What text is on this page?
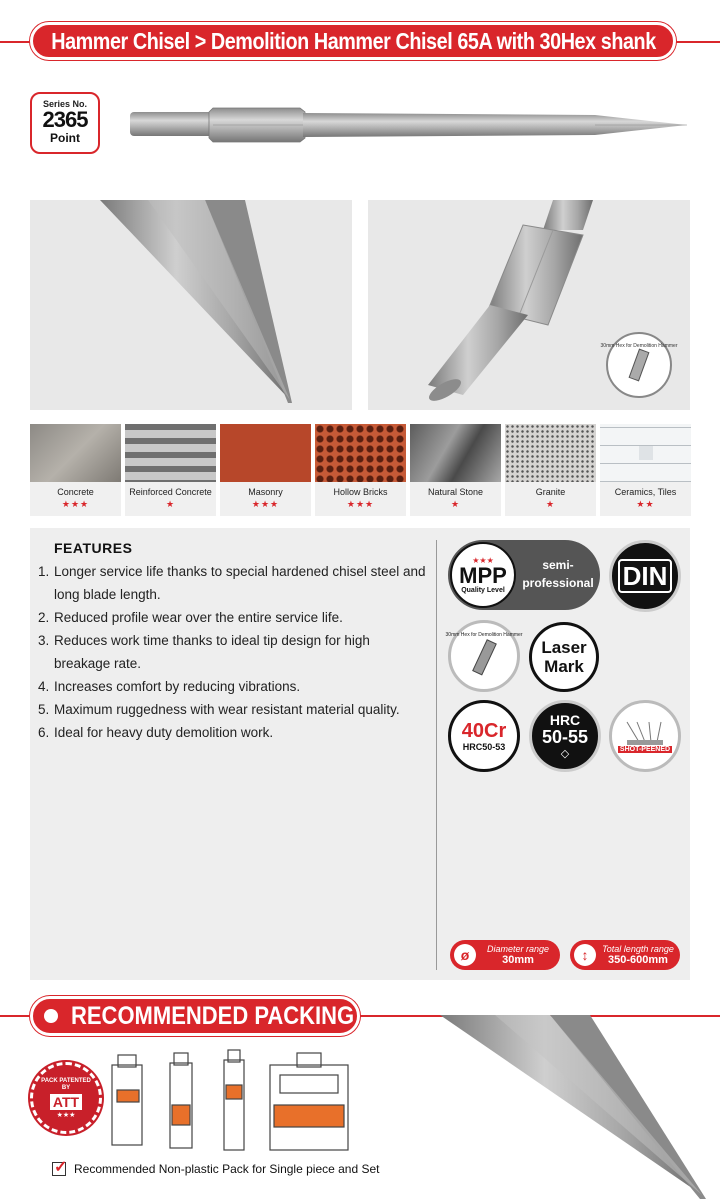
Hammer Chisel > Demolition Hammer Chisel 65A with 30Hex shank
Series No.
2365
Point
30mm Hex for Demolition Hammer
Concrete
★★★
Reinforced Concrete
★
Masonry
★★★
Hollow Bricks
★★★
Natural Stone
★
Granite
★
Ceramics, Tiles
★★
FEATURES
1. Longer service life thanks to special hardened chisel steel and long blade length.
2. Reduced profile wear over the entire service life.
3. Reduces work time thanks to ideal tip design for high breakage rate.
4. Increases comfort by reducing vibrations.
5. Maximum ruggedness with wear resistant material quality.
6. Ideal for heavy duty demolition work.
★★★
MPP
Quality Level
semi-professional DIN
30mm Hex for Demolition Hammer
Laser Mark
40Cr
HRC50-53
HRC
50-55
◇	SHOT-PEENED
ø	Diameter range
30mm	↕	Total length range
350-600mm
RECOMMENDED PACKING
PACK PATENTED BY
ATT
★★★
✓
Recommended Non-plastic Pack for Single piece and Set
